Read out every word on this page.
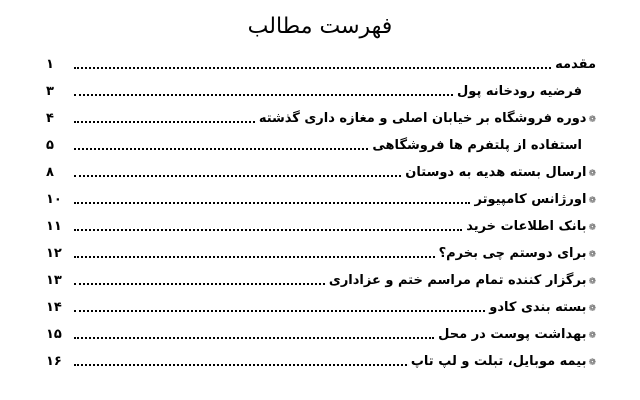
فهرست مطالب
مقدمه
۱
فرضیه رودخانه پول
۳
❁دوره فروشگاه بر خیابان اصلی و مغازه داری گذشته
۴
استفاده از پلتفرم ها فروشگاهی
۵
❁ارسال بسته هدیه به دوستان
۸
❁اورژانس کامپیوتر
۱۰
❁بانک اطلاعات خرید
۱۱
❁برای دوستم چی بخرم؟
۱۲
❁برگزار کننده تمام مراسم ختم و عزاداری
۱۳
❁بسته بندی کادو
۱۴
❁بهداشت پوست در محل
۱۵
❁بیمه موبایل، تبلت و لپ تاپ
۱۶
